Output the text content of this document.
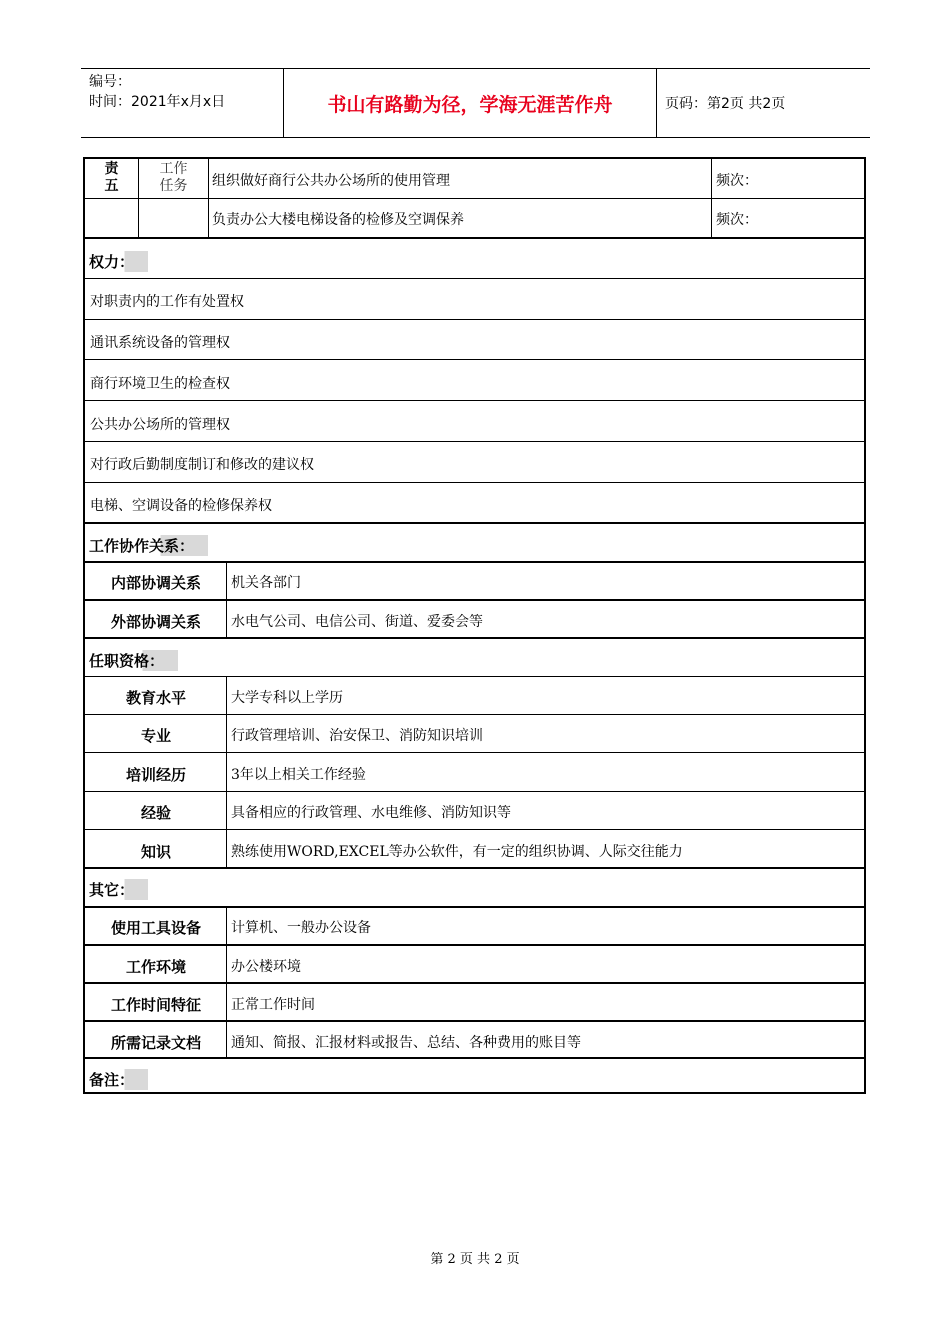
编号：
时间：2021年x月x日	书山有路勤为径，学海无涯苦作舟	页码：第2页 共2页
责
五
工作
任务	组织做好商行公共办公场所的使用管理	频次：
负责办公大楼电梯设备的检修及空调保养	频次：
权力：
对职责内的工作有处置权
通讯系统设备的管理权
商行环境卫生的检查权
公共办公场所的管理权
对行政后勤制度制订和修改的建议权
电梯、空调设备的检修保养权
工作协作关系：
内部协调关系	机关各部门
外部协调关系	水电气公司、电信公司、街道、爱委会等
任职资格：
教育水平	大学专科以上学历
专业	行政管理培训、治安保卫、消防知识培训
培训经历	3年以上相关工作经验
经验	具备相应的行政管理、水电维修、消防知识等
知识	熟练使用WORD,EXCEL等办公软件，有一定的组织协调、人际交往能力
其它：
使用工具设备	计算机、一般办公设备
工作环境	办公楼环境
工作时间特征	正常工作时间
所需记录文档	通知、简报、汇报材料或报告、总结、各种费用的账目等
备注：
第 2 页 共 2 页
